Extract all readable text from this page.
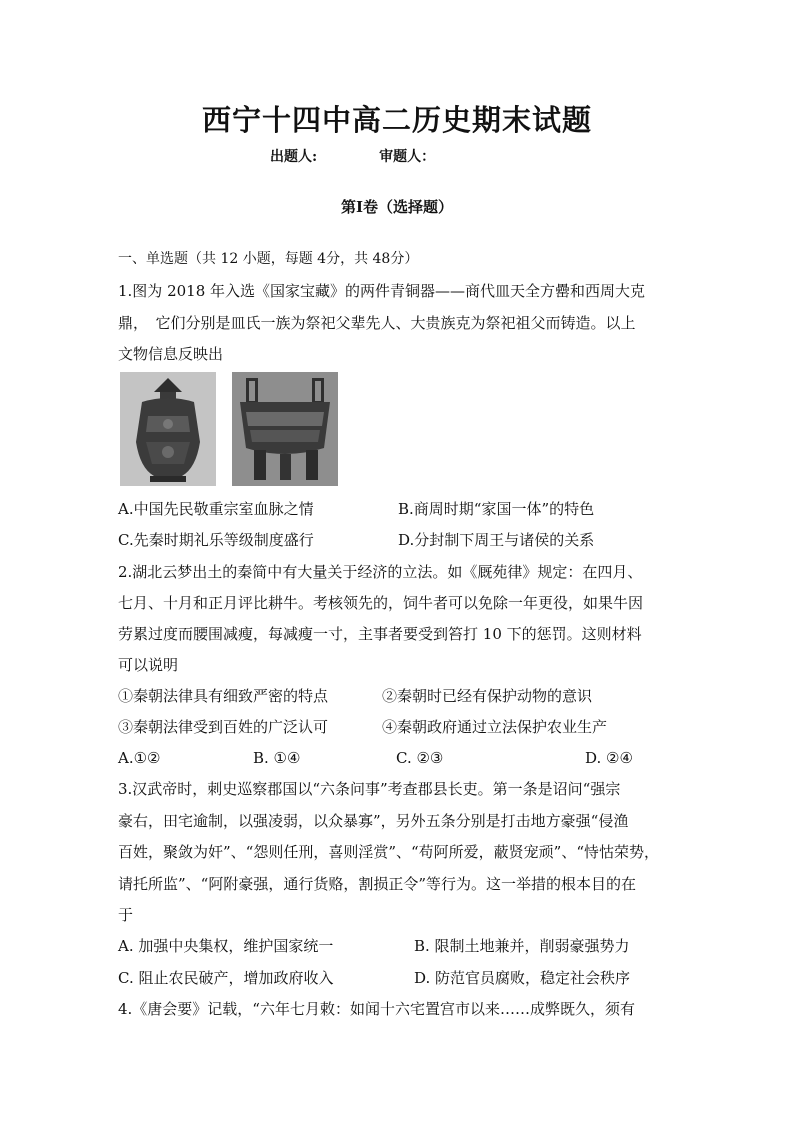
西宁十四中高二历史期末试题
出题人:	审题人：
第Ⅰ卷（选择题）
一、单选题（共 12 小题，每题 4分，共 48分）
1.图为 2018 年入选《国家宝藏》的两件青铜器——商代皿天全方罍和西周大克
鼎，　它们分别是皿氏一族为祭祀父辈先人、大贵族克为祭祀祖父而铸造。以上
文物信息反映出
A.中国先民敬重宗室血脉之情	B.商周时期“家国一体”的特色
C.先秦时期礼乐等级制度盛行	D.分封制下周王与诸侯的关系
2.湖北云梦出土的秦简中有大量关于经济的立法。如《厩苑律》规定：在四月、
七月、十月和正月评比耕牛。考核领先的，饲牛者可以免除一年更役，如果牛因
劳累过度而腰围减瘦，每减瘦一寸，主事者要受到笞打 10 下的惩罚。这则材料
可以说明
①秦朝法律具有细致严密的特点	②秦朝时已经有保护动物的意识
③秦朝法律受到百姓的广泛认可	④秦朝政府通过立法保护农业生产
A.①②	B. ①④	C. ②③	D. ②④
3.汉武帝时，刺史巡察郡国以“六条问事”考查郡县长吏。第一条是诏问“强宗
豪右，田宅逾制，以强凌弱，以众暴寡”，另外五条分别是打击地方豪强“侵渔
百姓，聚敛为奸”、“怨则任刑，喜则淫赏”、“苟阿所爱，蔽贤宠顽”、“恃怙荣势，
请托所监”、“阿附豪强，通行货赂，割损正令”等行为。这一举措的根本目的在
于
A. 加强中央集权，维护国家统一	B. 限制土地兼并，削弱豪强势力
C. 阻止农民破产，增加政府收入	D. 防范官员腐败，稳定社会秩序
4.《唐会要》记载，“六年七月敕：如闻十六宅置宫市以来……成弊既久，须有
